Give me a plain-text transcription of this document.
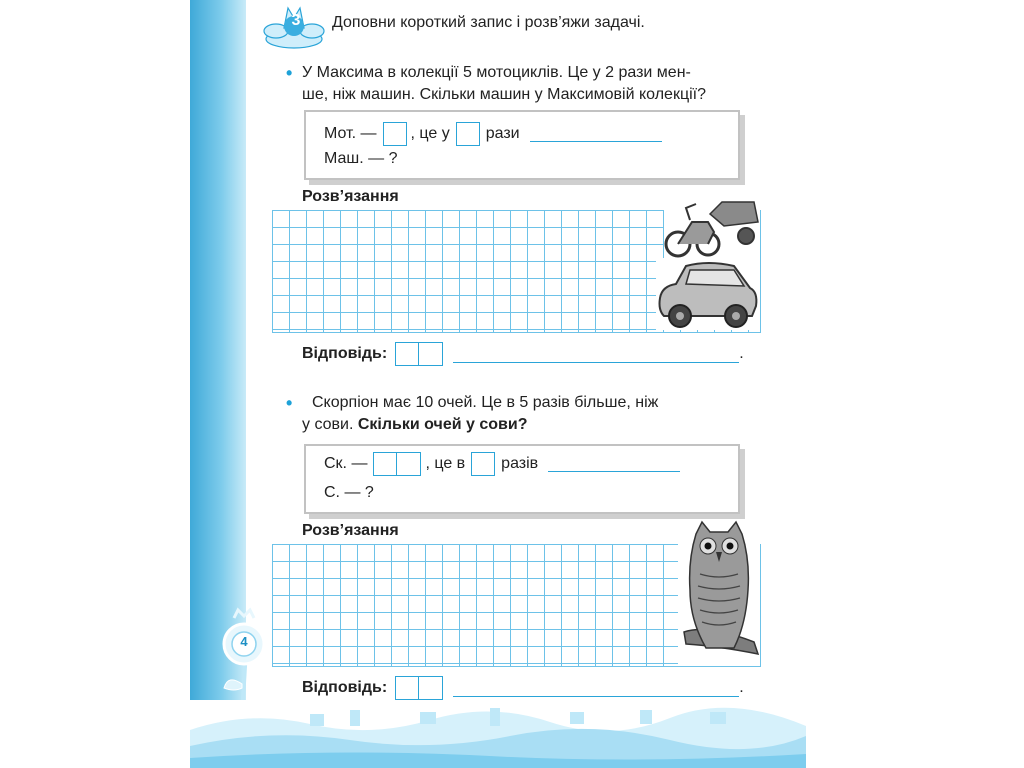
3 Доповни короткий запис і розв’яжи задачі.
• У Максима в колекції 5 мотоциклів. Це у 2 рази мен-
ше, ніж машин. Скільки машин у Максимовій колекції?
Мот. — , це у рази
Маш. — ?
Розв’язання
Відповідь:	.
•	Скорпіон має 10 очей. Це в 5 разів більше, ніж
у сови. Скільки очей у сови?
Ск. —	, це в разів
С. — ?
Розв’язання
Відповідь:	.
4
